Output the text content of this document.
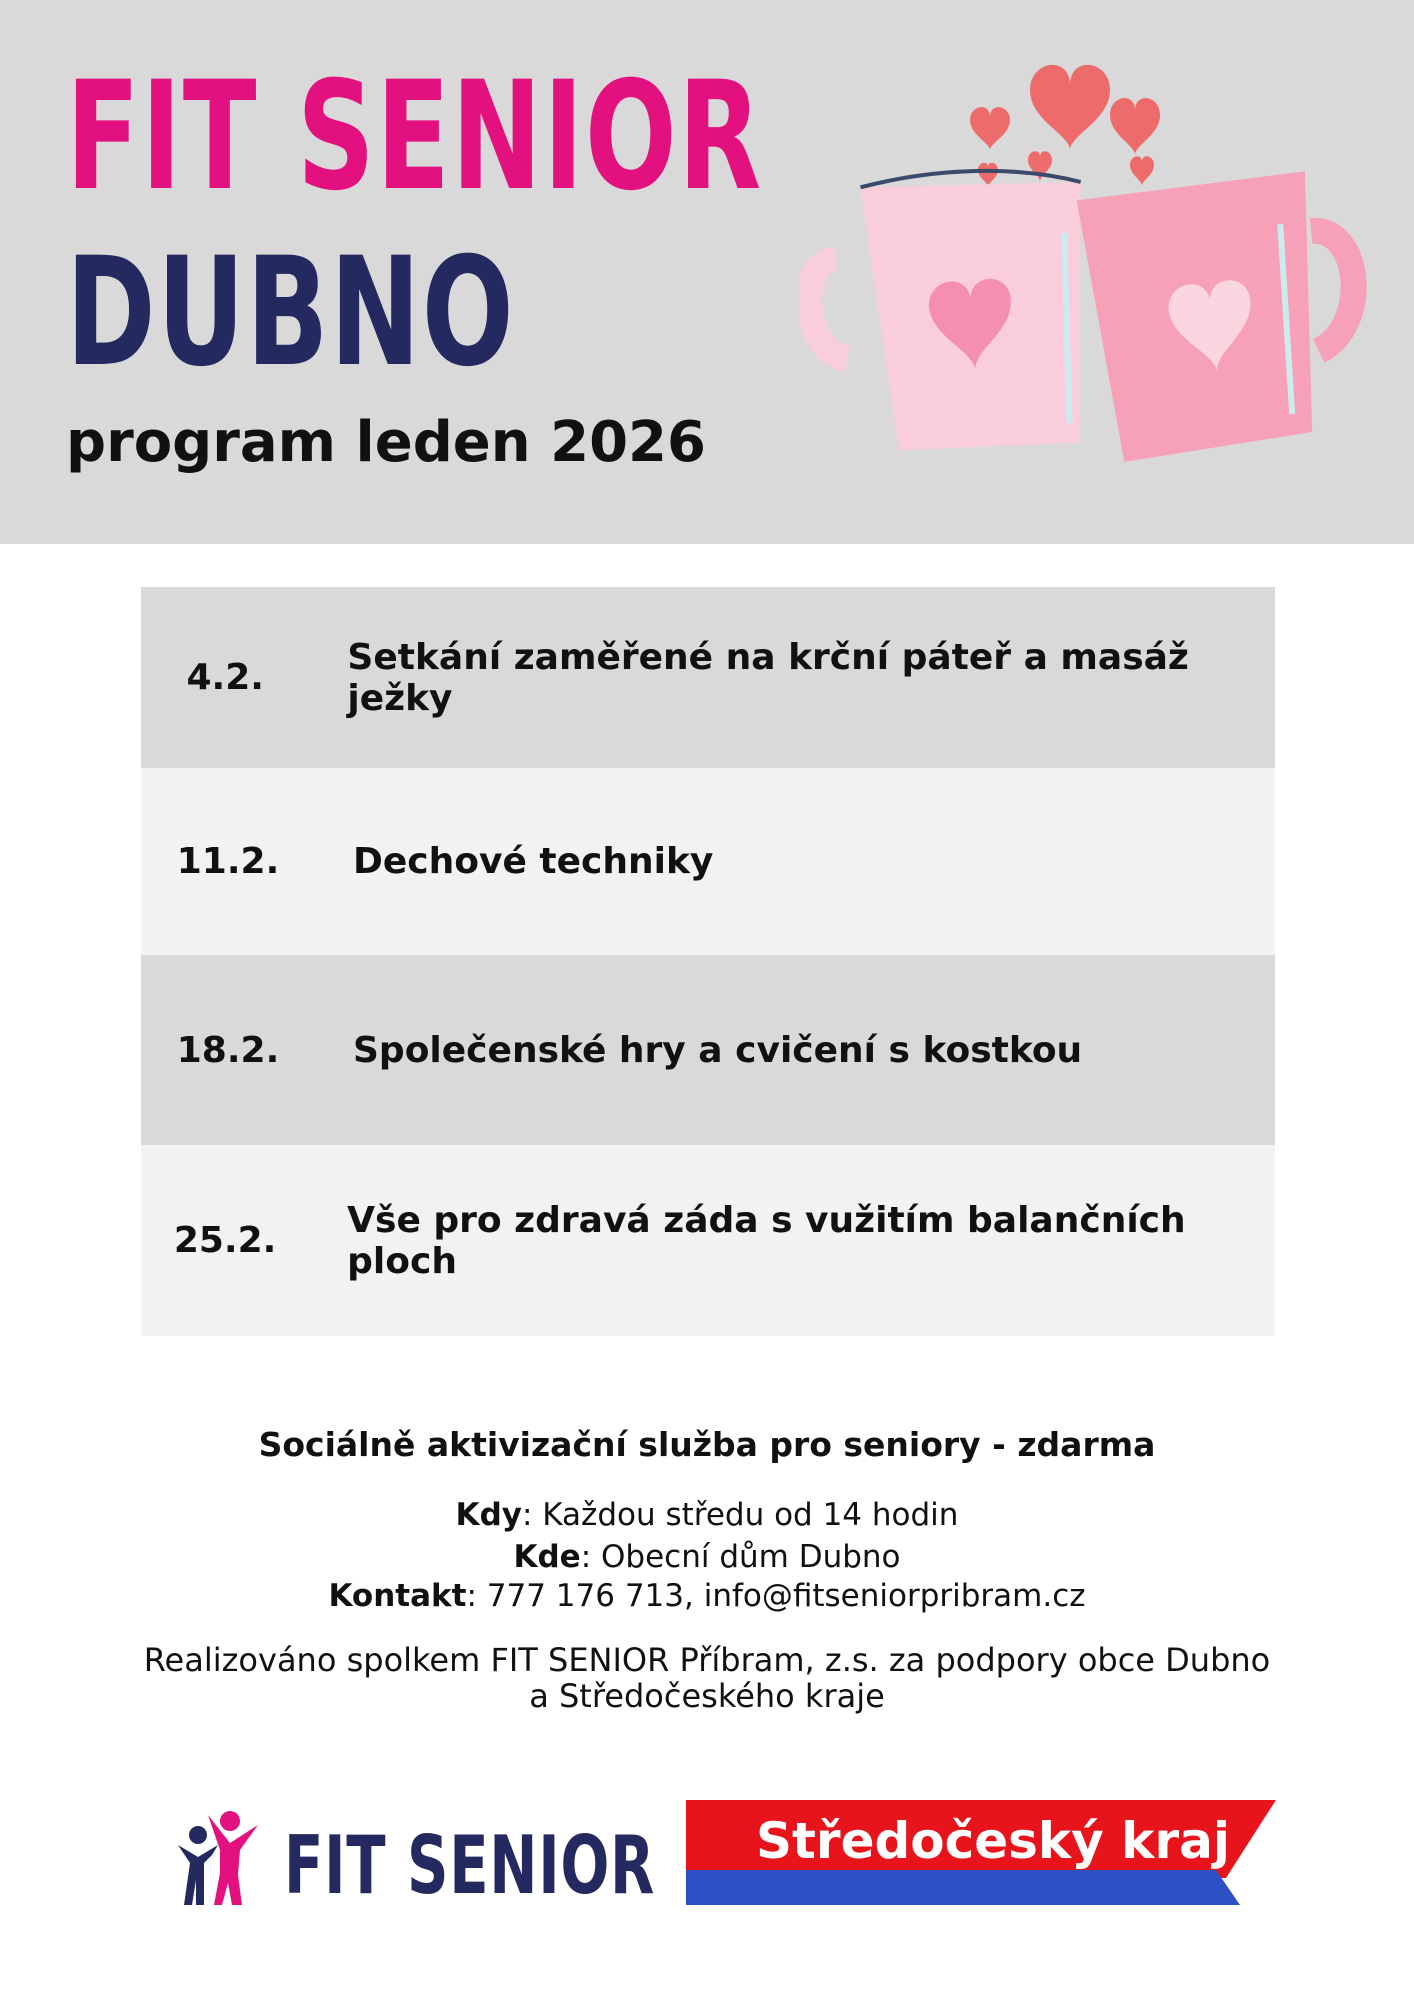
FIT SENIOR
DUBNO
program leden 2026
4.2.	Setkání zaměřené na krční páteř a masáž ježky
11.2.	Dechové techniky
18.2.	Společenské hry a cvičení s kostkou
25.2.	Vše pro zdravá záda s vužitím balančních ploch
Sociálně aktivizační služba pro seniory - zdarma
Kdy: Každou středu od 14 hodin
Kde: Obecní dům Dubno
Kontakt: 777 176 713, info@fitseniorpribram.cz
Realizováno spolkem FIT SENIOR Příbram, z.s. za podpory obce Dubno a Středočeského kraje
FIT SENIOR Středočeský kraj
